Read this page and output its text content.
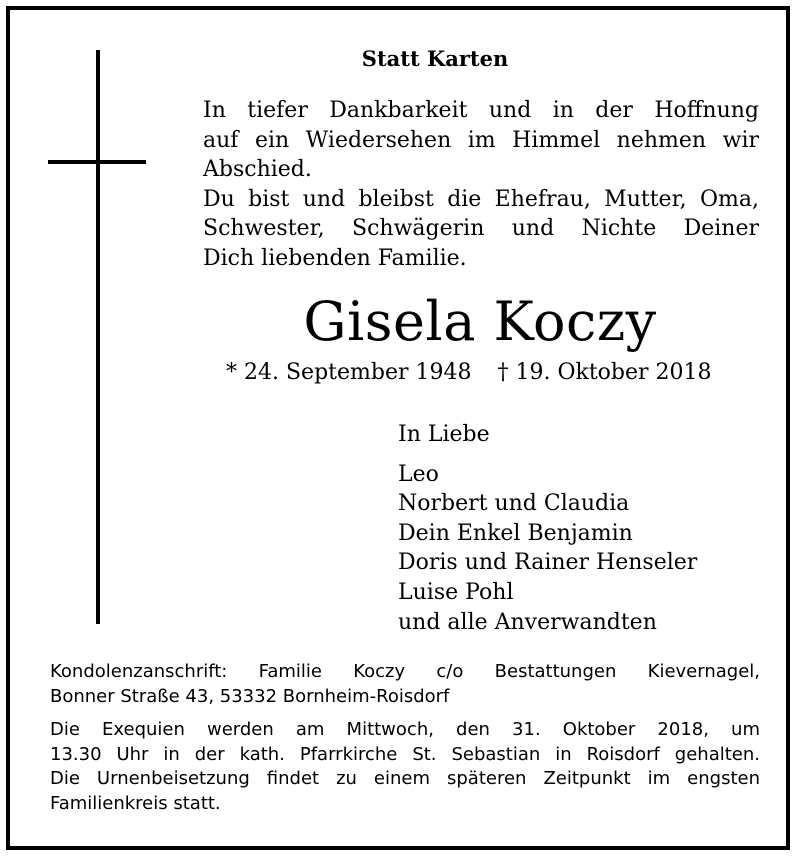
Statt Karten

In tiefer Dankbarkeit und in der Hoffnung

auf ein Wiedersehen im Himmel nehmen wir

Abschied.

Du bist und bleibst die Ehefrau, Mutter, Oma,

Schwester, Schwägerin und Nichte Deiner

Dich liebenden Familie.

Gisela Koczy
* 24. September 1948 † 19. Oktober 2018
In Liebe
Leo
Norbert und Claudia
Dein Enkel Benjamin
Doris und Rainer Henseler
Luise Pohl
und alle Anverwandten

Kondolenzanschrift: Familie Koczy c/o Bestattungen Kievernagel,

Bonner Straße 43, 53332 Bornheim-Roisdorf

Die Exequien werden am Mittwoch, den 31. Oktober 2018, um

13.30 Uhr in der kath. Pfarrkirche St. Sebastian in Roisdorf gehalten.

Die Urnenbeisetzung findet zu einem späteren Zeitpunkt im engsten

Familienkreis statt.
